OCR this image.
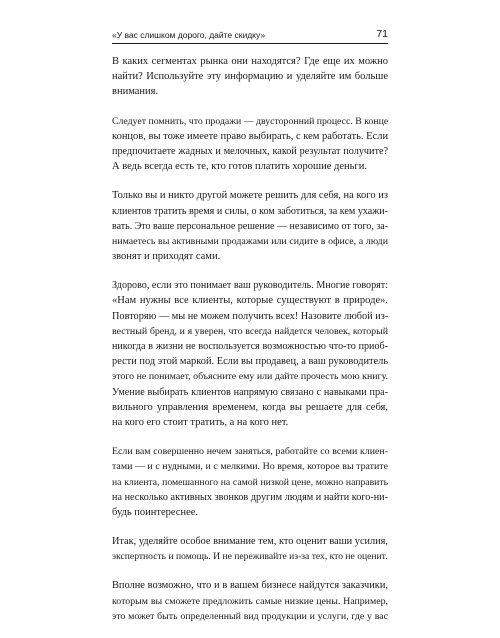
«У вас слишком дорого, дайте скидку»	71

В каких сегментах рынка они находятся? Где еще их можно
найти? Используйте эту информацию и уделяйте им больше
внимания.

Следует помнить, что продажи — двусторонний процесс. В конце
концов, вы тоже имеете право выбирать, с кем работать. Если
предпочитаете жадных и мелочных, какой результат получите?
А ведь всегда есть те, кто готов платить хорошие деньги.

Только вы и никто другой можете решить для себя, на кого из
клиентов тратить время и силы, о ком заботиться, за кем ухажи-
вать. Это ваше персональное решение — независимо от того, за-
нимаетесь вы активными продажами или сидите в офисе, а люди
звонят и приходят сами.

Здорово, если это понимает ваш руководитель. Многие говорят:
«Нам нужны все клиенты, которые существуют в природе».
Повторяю — мы не можем получить всех! Назовите любой из-
вестный бренд, и я уверен, что всегда найдется человек, который
никогда в жизни не воспользуется возможностью что-то приоб-
рести под этой маркой. Если вы продавец, а ваш руководитель
этого не понимает, объясните ему или дайте прочесть мою книгу.
Умение выбирать клиентов напрямую связано с навыками пра-
вильного управления временем, когда вы решаете для себя,
на кого его стоит тратить, а на кого нет.

Если вам совершенно нечем заняться, работайте со всеми клиен-
тами — и с нудными, и с мелкими. Но время, которое вы тратите
на клиента, помешанного на самой низкой цене, можно направить
на несколько активных звонков другим людям и найти кого-ни-
будь поинтереснее.

Итак, уделяйте особое внимание тем, кто оценит ваши усилия,
экспертность и помощь. И не переживайте из-за тех, кто не оценит.

Вполне возможно, что и в вашем бизнесе найдутся заказчики,
которым вы сможете предложить самые низкие цены. Например,
это может быть определенный вид продукции и услуги, где у вас
